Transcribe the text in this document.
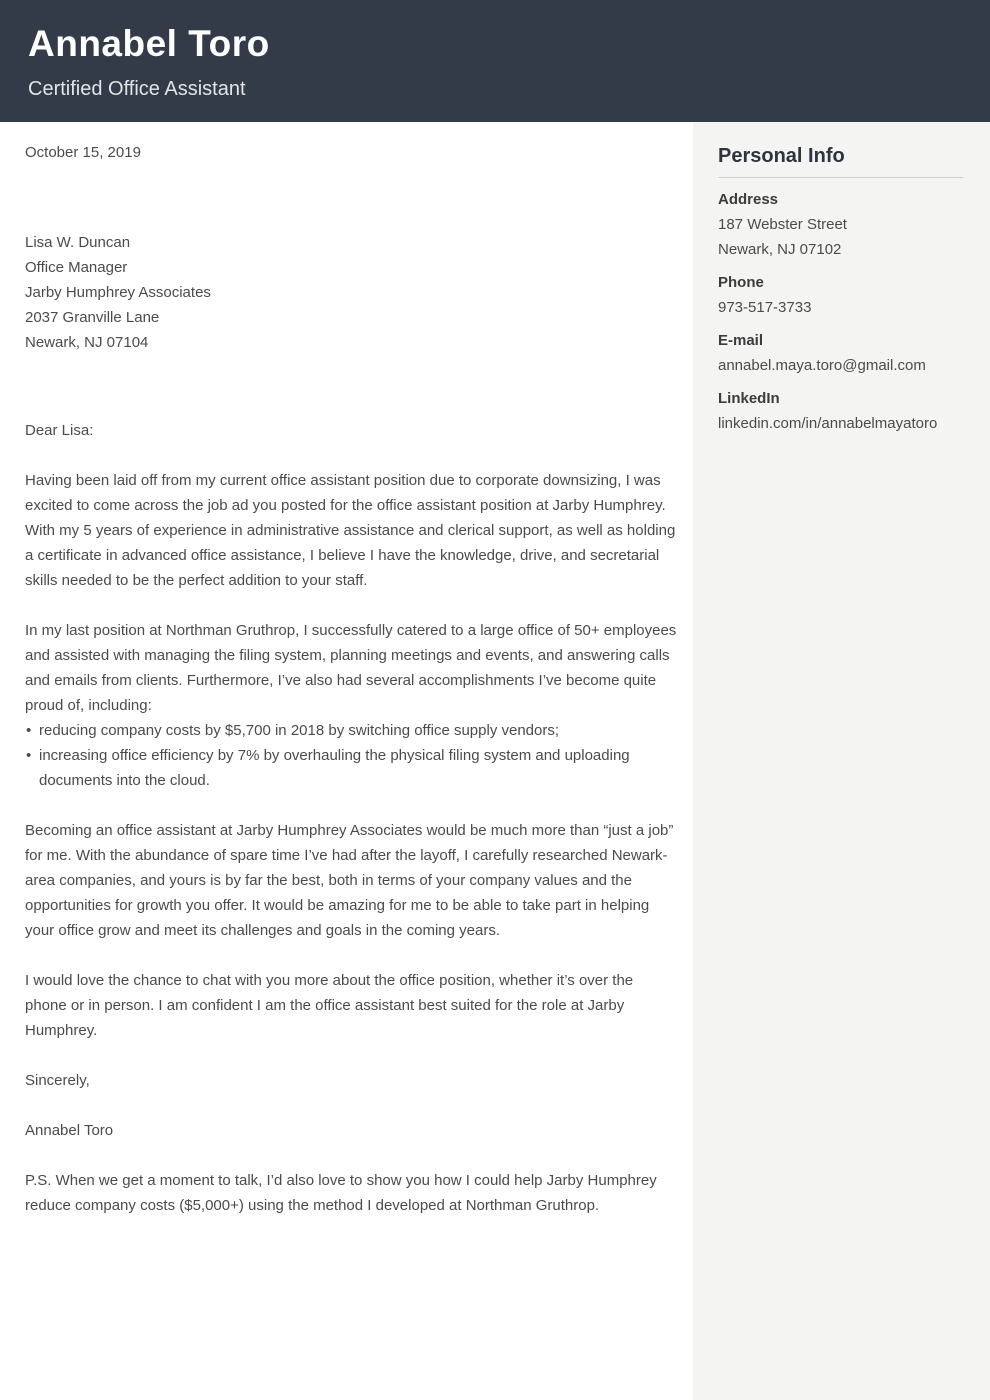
Annabel Toro
Certified Office Assistant
October 15, 2019
Lisa W. Duncan
Office Manager
Jarby Humphrey Associates
2037 Granville Lane
Newark, NJ 07104
Dear Lisa:

Having been laid off from my current office assistant position due to corporate downsizing, I was excited to come across the job ad you posted for the office assistant position at Jarby Humphrey. With my 5 years of experience in administrative assistance and clerical support, as well as holding a certificate in advanced office assistance, I believe I have the knowledge, drive, and secretarial skills needed to be the perfect addition to your staff.

In my last position at Northman Gruthrop, I successfully catered to a large office of 50+ employees and assisted with managing the filing system, planning meetings and events, and answering calls and emails from clients. Furthermore, I’ve also had several accomplishments I’ve become quite proud of, including:

• reducing company costs by $5,700 in 2018 by switching office supply vendors;
• increasing office efficiency by 7% by overhauling the physical filing system and uploading documents into the cloud.

Becoming an office assistant at Jarby Humphrey Associates would be much more than “just a job” for me. With the abundance of spare time I’ve had after the layoff, I carefully researched Newark-area companies, and yours is by far the best, both in terms of your company values and the opportunities for growth you offer. It would be amazing for me to be able to take part in helping your office grow and meet its challenges and goals in the coming years.

I would love the chance to chat with you more about the office position, whether it’s over the phone or in person. I am confident I am the office assistant best suited for the role at Jarby Humphrey.

Sincerely,
Annabel Toro

P.S. When we get a moment to talk, I’d also love to show you how I could help Jarby Humphrey reduce company costs ($5,000+) using the method I developed at Northman Gruthrop.

Personal Info
Address
187 Webster Street
Newark, NJ 07102
Phone
973-517-3733
E-mail
annabel.maya.toro@gmail.com
LinkedIn
linkedin.com/in/annabelmayatoro
